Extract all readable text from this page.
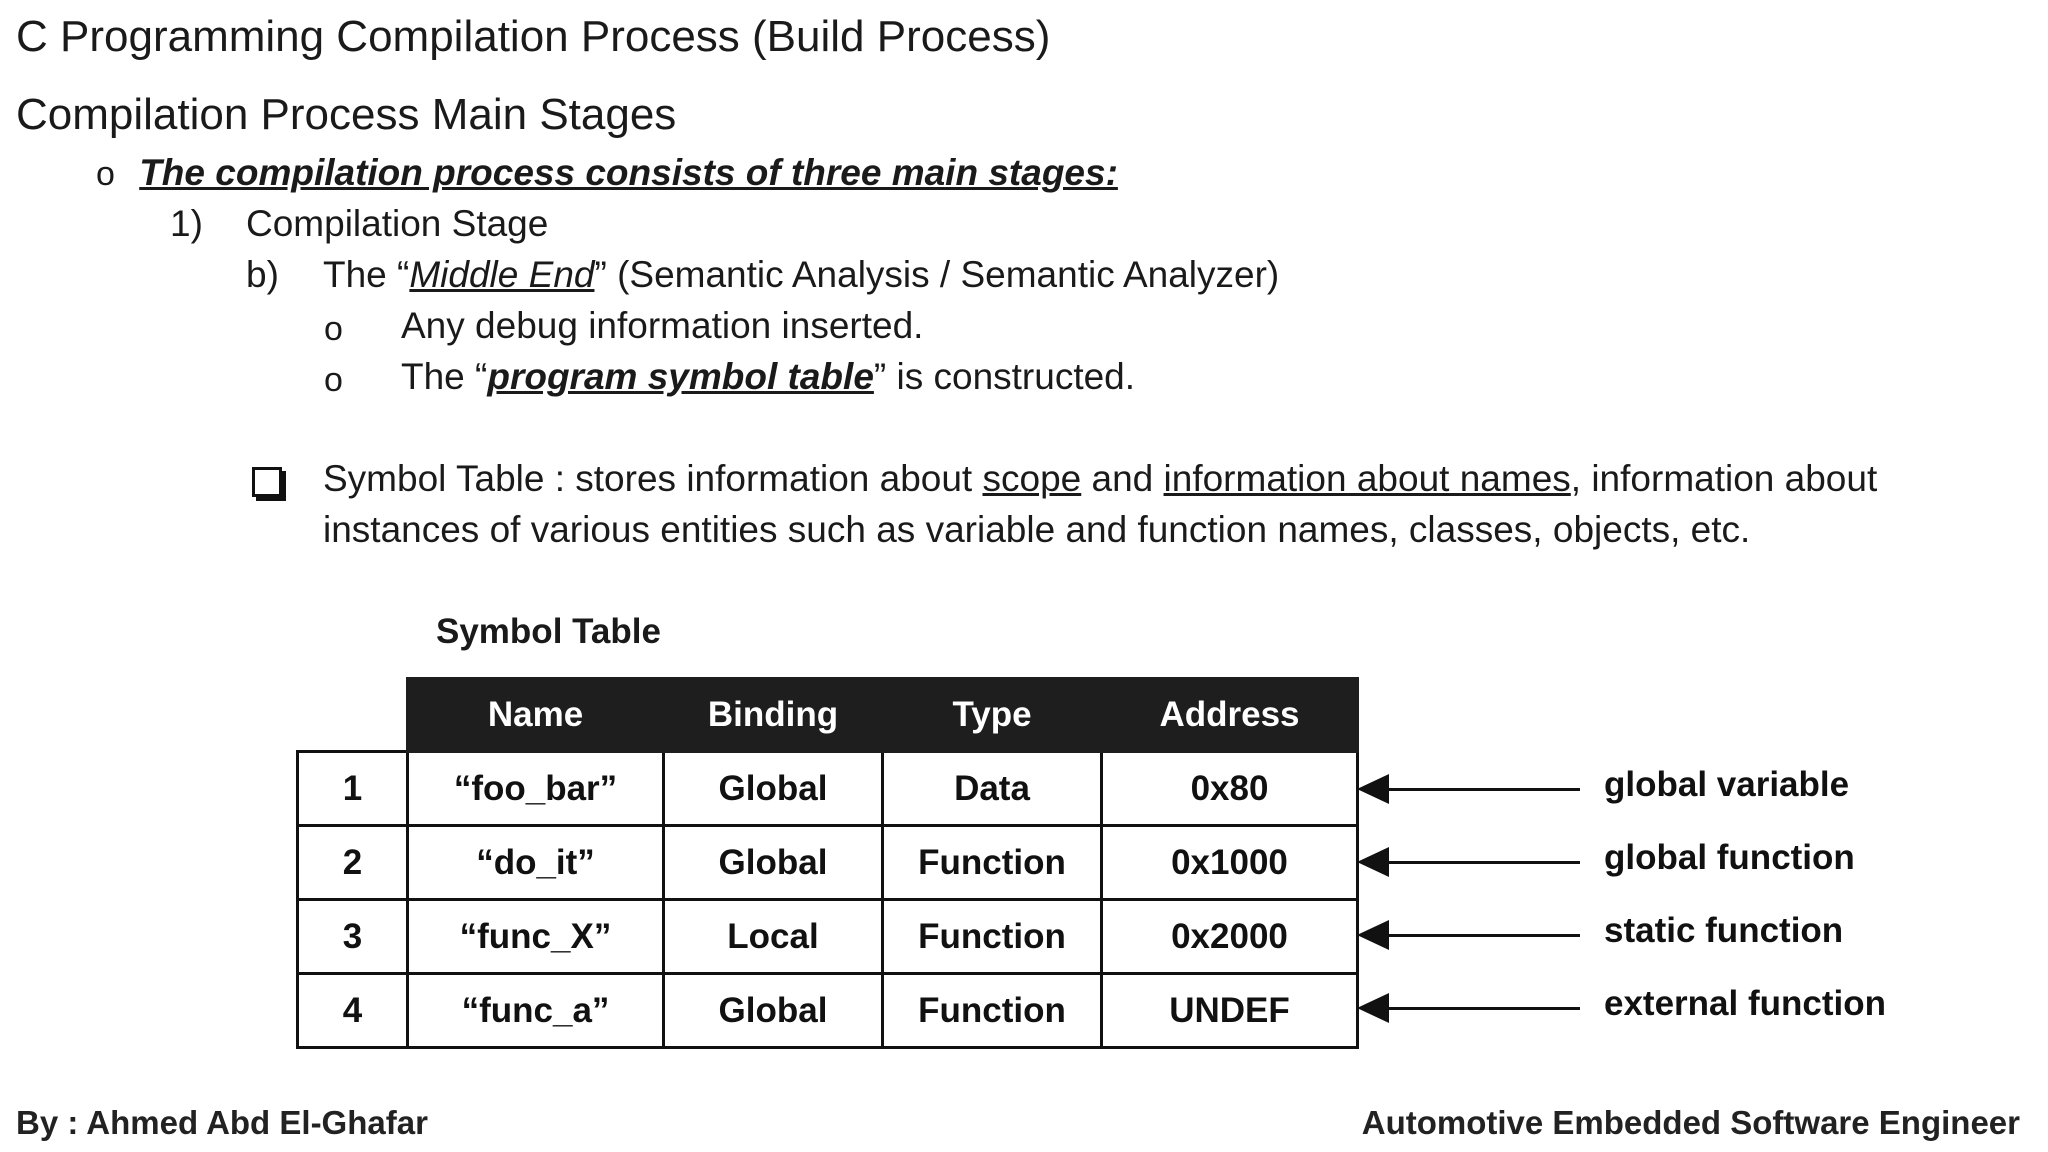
C Programming Compilation Process (Build Process)
Compilation Process Main Stages
o The compilation process consists of three main stages:
1) Compilation Stage
b) The “Middle End” (Semantic Analysis / Semantic Analyzer)
o Any debug information inserted.
o The “program symbol table” is constructed.
Symbol Table : stores information about scope and information about names, information about
instances of various entities such as variable and function names, classes, objects, etc.
Symbol Table
	Name	Binding	Type	Address
1	“foo_bar”	Global	Data	0x80
2	“do_it”	Global	Function	0x1000
3	“func_X”	Local	Function	0x2000
4	“func_a”	Global	Function	UNDEF
global variable
global function
static function
external function
By : Ahmed Abd El-Ghafar	Automotive Embedded Software Engineer
